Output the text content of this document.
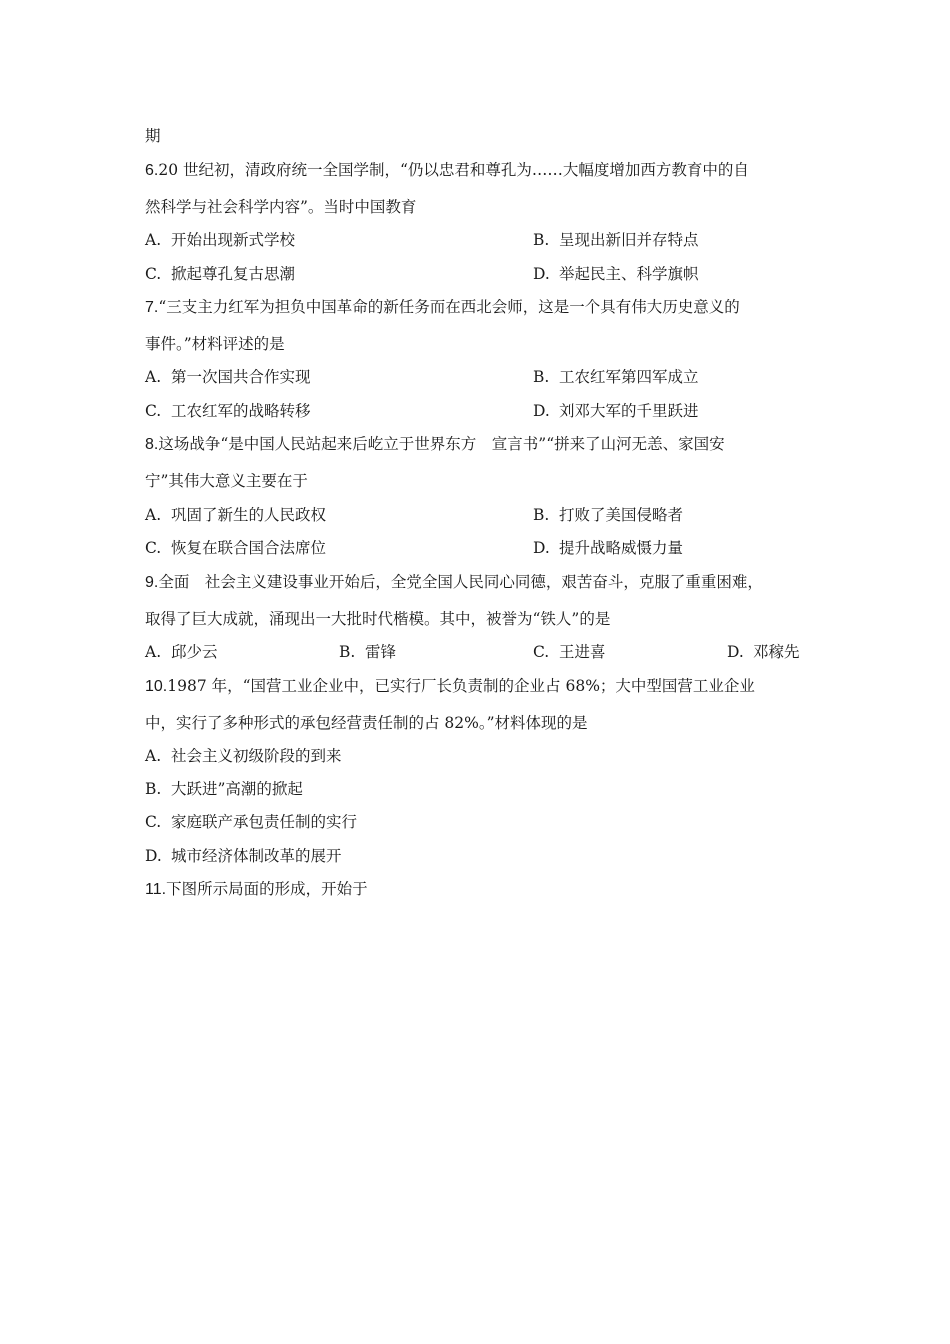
期
6.20 世纪初，清政府统一全国学制，“仍以忠君和尊孔为……大幅度增加西方教育中的自
然科学与社会科学内容”。当时中国教育
A. 开始出现新式学校	B. 呈现出新旧并存特点
C. 掀起尊孔复古思潮	D. 举起民主、科学旗帜
7.“三支主力红军为担负中国革命的新任务而在西北会师，这是一个具有伟大历史意义的
事件。”材料评述的是
A. 第一次国共合作实现	B. 工农红军第四军成立
C. 工农红军的战略转移	D. 刘邓大军的千里跃进
8.这场战争“是中国人民站起来后屹立于世界东方　宣言书”“拼来了山河无恙、家国安
宁”其伟大意义主要在于
A. 巩固了新生的人民政权	B. 打败了美国侵略者
C. 恢复在联合国合法席位	D. 提升战略威慑力量
9.全面　社会主义建设事业开始后，全党全国人民同心同德，艰苦奋斗，克服了重重困难，
取得了巨大成就，涌现出一大批时代楷模。其中，被誉为“铁人”的是
A. 邱少云	B. 雷锋	C. 王进喜	D. 邓稼先
10.1987 年，“国营工业企业中，已实行厂长负责制的企业占 68%；大中型国营工业企业
中，实行了多种形式的承包经营责任制的占 82%。”材料体现的是
A. 社会主义初级阶段的到来
B. 大跃进”高潮的掀起
C. 家庭联产承包责任制的实行
D. 城市经济体制改革的展开
11.下图所示局面的形成，开始于
